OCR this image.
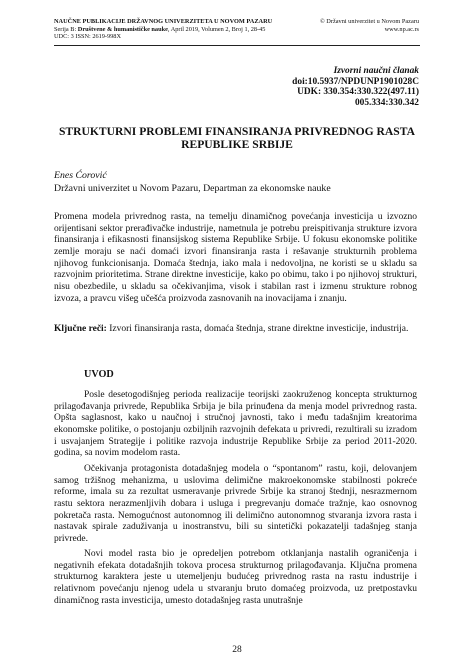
NAUČNE PUBLIKACIJE DRŽAVNOG UNIVERZITETA U NOVOM PAZARU
Serija B: Društvene & humanističke nauke, April 2019, Volumen 2, Broj 1, 28-45
UDC: 3 ISSN: 2619-998X
© Državni univerzitet u Novom Pazaru
www.np.ac.rs
Izvorni naučni članak
doi:10.5937/NPDUNP1901028C
UDK: 330.354:330.322(497.11)
005.334:330.342
STRUKTURNI PROBLEMI FINANSIRANJA PRIVREDNOG RASTA
REPUBLIKE SRBIJE
Enes Ćorović
Državni univerzitet u Novom Pazaru, Departman za ekonomske nauke
Promena modela privrednog rasta, na temelju dinamičnog povećanja investicija u izvozno orijentisani sektor prerađivačke industrije, nametnula je potrebu preispitivanja strukture izvora finansiranja i efikasnosti finansijskog sistema Republike Srbije. U fokusu ekonomske politike zemlje moraju se naći domaći izvori finansiranja rasta i rešavanje strukturnih problema njihovog funkcionisanja. Domaća štednja, iako mala i nedovoljna, ne koristi se u skladu sa razvojnim prioritetima. Strane direktne investicije, kako po obimu, tako i po njihovoj strukturi, nisu obezbedile, u skladu sa očekivanjima, visok i stabilan rast i izmenu strukture robnog izvoza, a pravcu višeg učešća proizvoda zasnovanih na inovacijama i znanju.
Ključne reči: Izvori finansiranja rasta, domaća štednja, strane direktne investicije, industrija.
UVOD

Posle desetogodišnjeg perioda realizacije teorijski zaokruženog koncepta strukturnog prilagođavanja privrede, Republika Srbija je bila prinuđena da menja model privrednog rasta. Opšta saglasnost, kako u naučnoj i stručnoj javnosti, tako i među tadašnjim kreatorima ekonomske politike, o postojanju ozbiljnih razvojnih defekata u privredi, rezultirali su izradom i usvajanjem Strategije i politike razvoja industrije Republike Srbije za period 2011-2020. godina, sa novim modelom rasta.

Očekivanja protagonista dotadašnjeg modela o “spontanom” rastu, koji, delovanjem samog tržišnog mehanizma, u uslovima delimične makroekonomske stabilnosti pokreće reforme, imala su za rezultat usmeravanje privrede Srbije ka stranoj štednji, nesrazmernom rastu sektora nerazmenljivih dobara i usluga i pregrevanju domaće tražnje, kao osnovnog pokretača rasta. Nemogućnost autonomnog ili delimično autonomnog stvaranja izvora rasta i nastavak spirale zaduživanja u inostranstvu, bili su sintetički pokazatelji tadašnjeg stanja privrede.

Novi model rasta bio je opredeljen potrebom otklanjanja nastalih ograničenja i negativnih efekata dotadašnjih tokova procesa strukturnog prilagođavanja. Ključna promena strukturnog karaktera jeste u utemeljenju budućeg privrednog rasta na rastu industrije i relativnom povećanju njenog udela u stvaranju bruto domaćeg proizvoda, uz pretpostavku dinamičnog rasta investicija, umesto dotadašnjeg rasta unutrašnje

28
